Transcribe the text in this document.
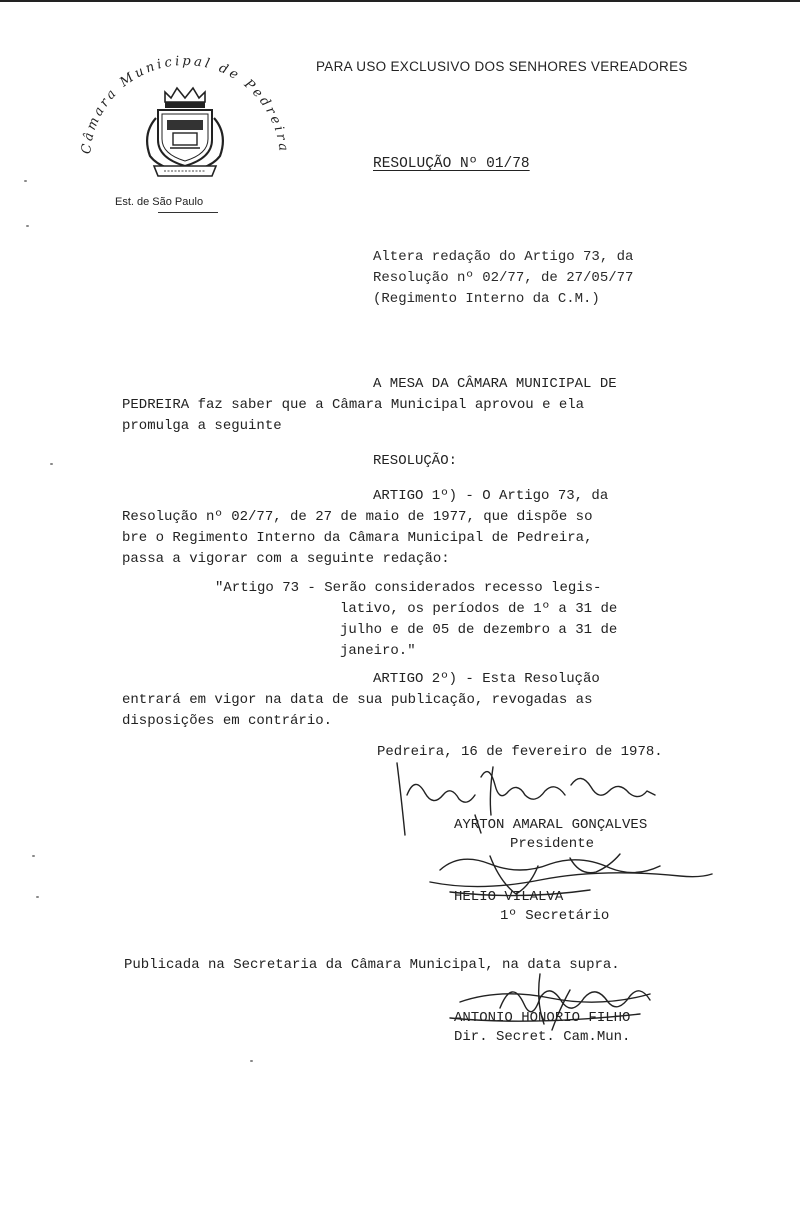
Câmara Municipal de Pedreira
Est. de São Paulo
PARA USO EXCLUSIVO DOS SENHORES VEREADORES
RESOLUÇÃO Nº 01/78
Altera redação do Artigo 73, da
Resolução nº 02/77, de 27/05/77
(Regimento Interno da C.M.)
A MESA DA CÂMARA MUNICIPAL DE
PEDREIRA faz saber que a Câmara Municipal aprovou e ela
promulga a seguinte
RESOLUÇÃO:
ARTIGO 1º) - O Artigo 73, da
Resolução nº 02/77, de 27 de maio de 1977, que dispõe so
bre o Regimento Interno da Câmara Municipal de Pedreira,
passa a vigorar com a seguinte redação:
"Artigo 73 - Serão considerados recesso legis-
lativo, os períodos de 1º a 31 de
julho e de 05 de dezembro a 31 de
janeiro."
ARTIGO 2º) - Esta Resolução
entrará em vigor na data de sua publicação, revogadas as
disposições em contrário.
Pedreira, 16 de fevereiro de 1978.
AYRTON AMARAL GONÇALVES
Presidente
HELIO VILALVA
1º Secretário
Publicada na Secretaria da Câmara Municipal, na data supra.
ANTONIO HONORIO FILHO
Dir. Secret. Cam.Mun.
